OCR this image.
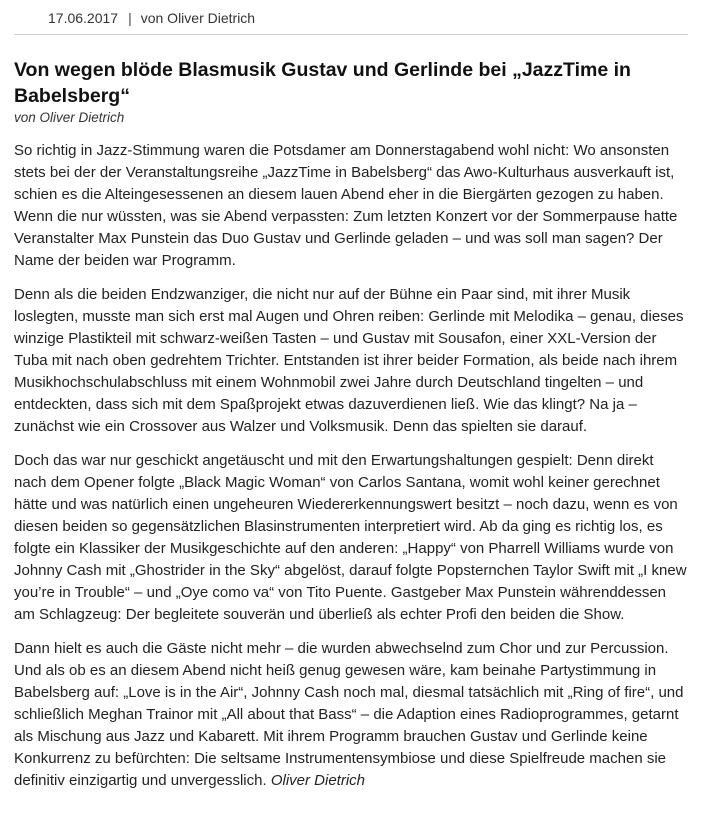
17.06.2017 | von Oliver Dietrich
Von wegen blöde Blasmusik Gustav und Gerlinde bei „JazzTime in Babelsberg“
von Oliver Dietrich

So richtig in Jazz-Stimmung waren die Potsdamer am Donnerstagabend wohl nicht: Wo ansonsten stets bei der der Veranstaltungsreihe „JazzTime in Babelsberg“ das Awo-Kulturhaus ausverkauft ist, schien es die Alteingesessenen an diesem lauen Abend eher in die Biergärten gezogen zu haben. Wenn die nur wüssten, was sie Abend verpassten: Zum letzten Konzert vor der Sommerpause hatte Veranstalter Max Punstein das Duo Gustav und Gerlinde geladen – und was soll man sagen? Der Name der beiden war Programm.

Denn als die beiden Endzwanziger, die nicht nur auf der Bühne ein Paar sind, mit ihrer Musik loslegten, musste man sich erst mal Augen und Ohren reiben: Gerlinde mit Melodika – genau, dieses winzige Plastikteil mit schwarz-weißen Tasten – und Gustav mit Sousafon, einer XXL-Version der Tuba mit nach oben gedrehtem Trichter. Entstanden ist ihrer beider Formation, als beide nach ihrem Musikhochschulabschluss mit einem Wohnmobil zwei Jahre durch Deutschland tingelten – und entdeckten, dass sich mit dem Spaßprojekt etwas dazuverdienen ließ. Wie das klingt? Na ja – zunächst wie ein Crossover aus Walzer und Volksmusik. Denn das spielten sie darauf.

Doch das war nur geschickt angetäuscht und mit den Erwartungshaltungen gespielt: Denn direkt nach dem Opener folgte „Black Magic Woman“ von Carlos Santana, womit wohl keiner gerechnet hätte und was natürlich einen ungeheuren Wiedererkennungswert besitzt – noch dazu, wenn es von diesen beiden so gegensätzlichen Blasinstrumenten interpretiert wird. Ab da ging es richtig los, es folgte ein Klassiker der Musikgeschichte auf den anderen: „Happy“ von Pharrell Williams wurde von Johnny Cash mit „Ghostrider in the Sky“ abgelöst, darauf folgte Popsternchen Taylor Swift mit „I knew you’re in Trouble“ – und „Oye como va“ von Tito Puente. Gastgeber Max Punstein währenddessen am Schlagzeug: Der begleitete souverän und überließ als echter Profi den beiden die Show.

Dann hielt es auch die Gäste nicht mehr – die wurden abwechselnd zum Chor und zur Percussion. Und als ob es an diesem Abend nicht heiß genug gewesen wäre, kam beinahe Partystimmung in Babelsberg auf: „Love is in the Air“, Johnny Cash noch mal, diesmal tatsächlich mit „Ring of fire“, und schließlich Meghan Trainor mit „All about that Bass“ – die Adaption eines Radioprogrammes, getarnt als Mischung aus Jazz und Kabarett. Mit ihrem Programm brauchen Gustav und Gerlinde keine Konkurrenz zu befürchten: Die seltsame Instrumentensymbiose und diese Spielfreude machen sie definitiv einzigartig und unvergesslich. Oliver Dietrich
